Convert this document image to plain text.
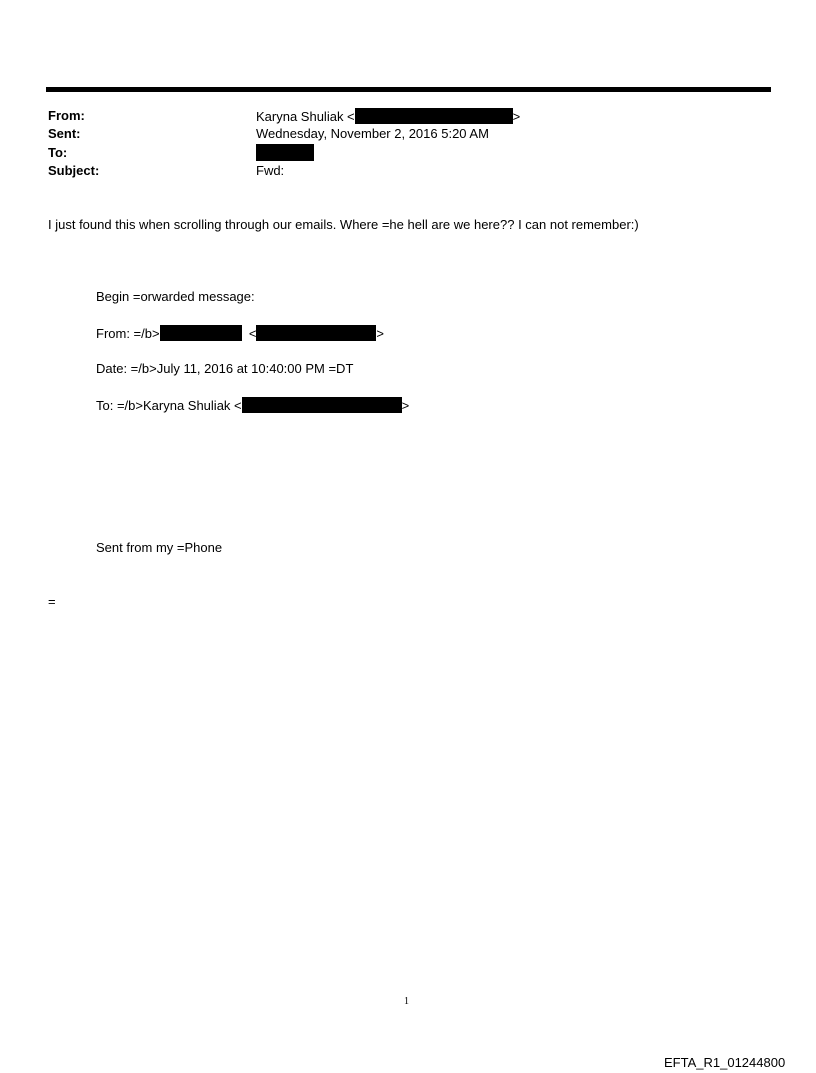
From:	Karyna Shuliak <	>
Sent:	Wednesday, November 2, 2016 5:20 AM
To:
Subject:	Fwd:
I just found this when scrolling through our emails. Where =he hell are we here?? I can not remember:)
Begin =orwarded message:
From: =/b>	<	>
Date: =/b>July 11, 2016 at 10:40:00 PM =DT
To: =/b>Karyna Shuliak <	>
Sent from my =Phone
=
1
EFTA_R1_01244800
